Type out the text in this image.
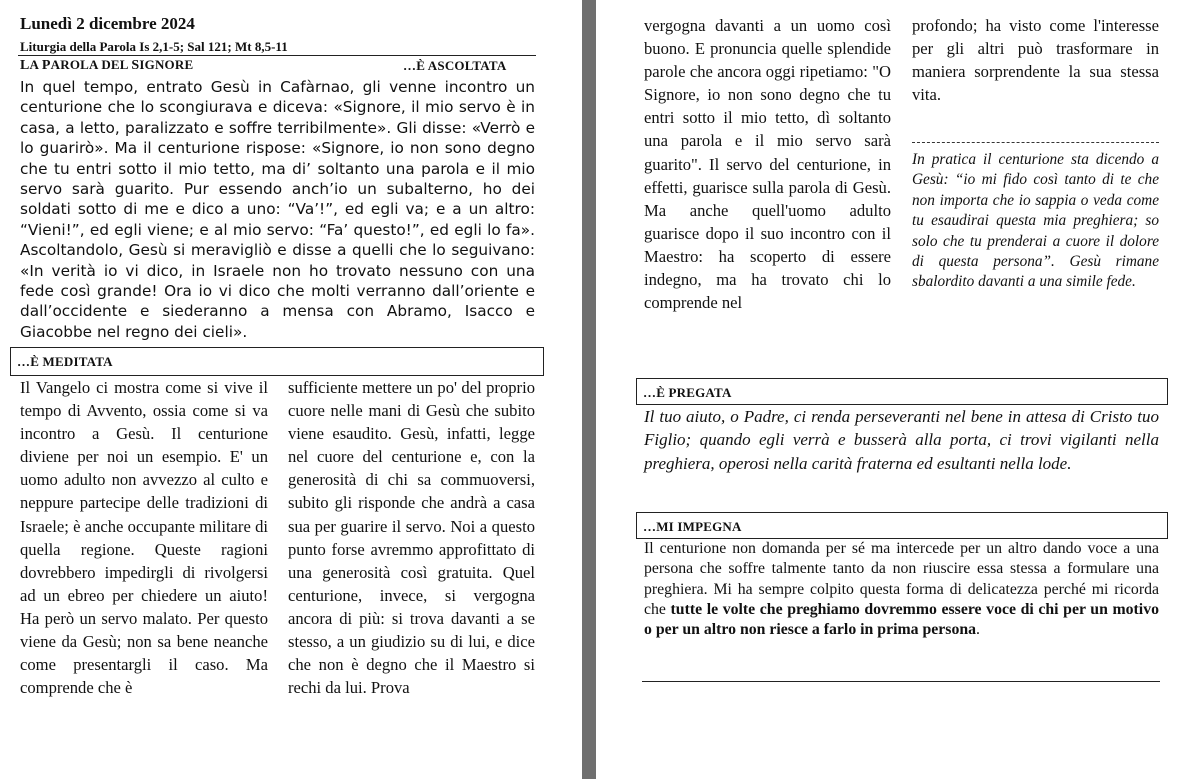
Lunedì 2 dicembre 2024
Liturgia della Parola Is 2,1-5; Sal 121; Mt 8,5-11
LA PAROLA DEL SIGNORE	…È ASCOLTATA
In quel tempo, entrato Gesù in Cafàrnao, gli venne incontro un centurione che lo scongiurava e diceva: «Signore, il mio servo è in casa, a letto, paralizzato e soffre terribilmente». Gli disse: «Verrò e lo guarirò». Ma il centurione rispose: «Signore, io non sono degno che tu entri sotto il mio tetto, ma di’ soltanto una parola e il mio servo sarà guarito. Pur essendo anch’io un subalterno, ho dei soldati sotto di me e dico a uno: “Va’!”, ed egli va; e a un altro: “Vieni!”, ed egli viene; e al mio servo: “Fa’ questo!”, ed egli lo fa». Ascoltandolo, Gesù si meravigliò e disse a quelli che lo seguivano: «In verità io vi dico, in Israele non ho trovato nessuno con una fede così grande! Ora io vi dico che molti verranno dall’oriente e dall’occidente e siederanno a mensa con Abramo, Isacco e Giacobbe nel regno dei cieli».
…È MEDITATA
Il Vangelo ci mostra come si vive il tempo di Avvento, ossia come si va incontro a Gesù. Il centurione diviene per noi un esempio. E' un uomo adulto non avvezzo al culto e neppure partecipe delle tradizioni di Israele; è anche occupante militare di quella regione. Queste ragioni dovrebbero impedirgli di rivolgersi ad un ebreo per chiedere un aiuto! Ha però un servo malato. Per questo viene da Gesù; non sa bene neanche come presentargli il caso. Ma comprende che è
sufficiente mettere un po' del proprio cuore nelle mani di Gesù che subito viene esaudito. Gesù, infatti, legge nel cuore del centurione e, con la generosità di chi sa commuoversi, subito gli risponde che andrà a casa sua per guarire il servo. Noi a questo punto forse avremmo approfittato di una generosità così gratuita. Quel centurione, invece, si vergogna ancora di più: si trova davanti a se stesso, a un giudizio su di lui, e dice che non è degno che il Maestro si rechi da lui. Prova
vergogna davanti a un uomo così buono. E pronuncia quelle splendide parole che ancora oggi ripetiamo: "O Signore, io non sono degno che tu entri sotto il mio tetto, dì soltanto una parola e il mio servo sarà guarito". Il servo del centurione, in effetti, guarisce sulla parola di Gesù. Ma anche quell'uomo adulto guarisce dopo il suo incontro con il Maestro: ha scoperto di essere indegno, ma ha trovato chi lo comprende nel
profondo; ha visto come l'interesse per gli altri può trasformare in maniera sorprendente la sua stessa vita.
In pratica il centurione sta dicendo a Gesù: “io mi fido così tanto di te che non importa che io sappia o veda come tu esaudirai questa mia preghiera; so solo che tu prenderai a cuore il dolore di questa persona”. Gesù rimane sbalordito davanti a una simile fede.
…È PREGATA
Il tuo aiuto, o Padre, ci renda perseveranti nel bene in attesa di Cristo tuo Figlio; quando egli verrà e busserà alla porta, ci trovi vigilanti nella preghiera, operosi nella carità fraterna ed esultanti nella lode.
…MI IMPEGNA
Il centurione non domanda per sé ma intercede per un altro dando voce a una persona che soffre talmente tanto da non riuscire essa stessa a formulare una preghiera. Mi ha sempre colpito questa forma di delicatezza perché mi ricorda che tutte le volte che preghiamo dovremmo essere voce di chi per un motivo o per un altro non riesce a farlo in prima persona.
